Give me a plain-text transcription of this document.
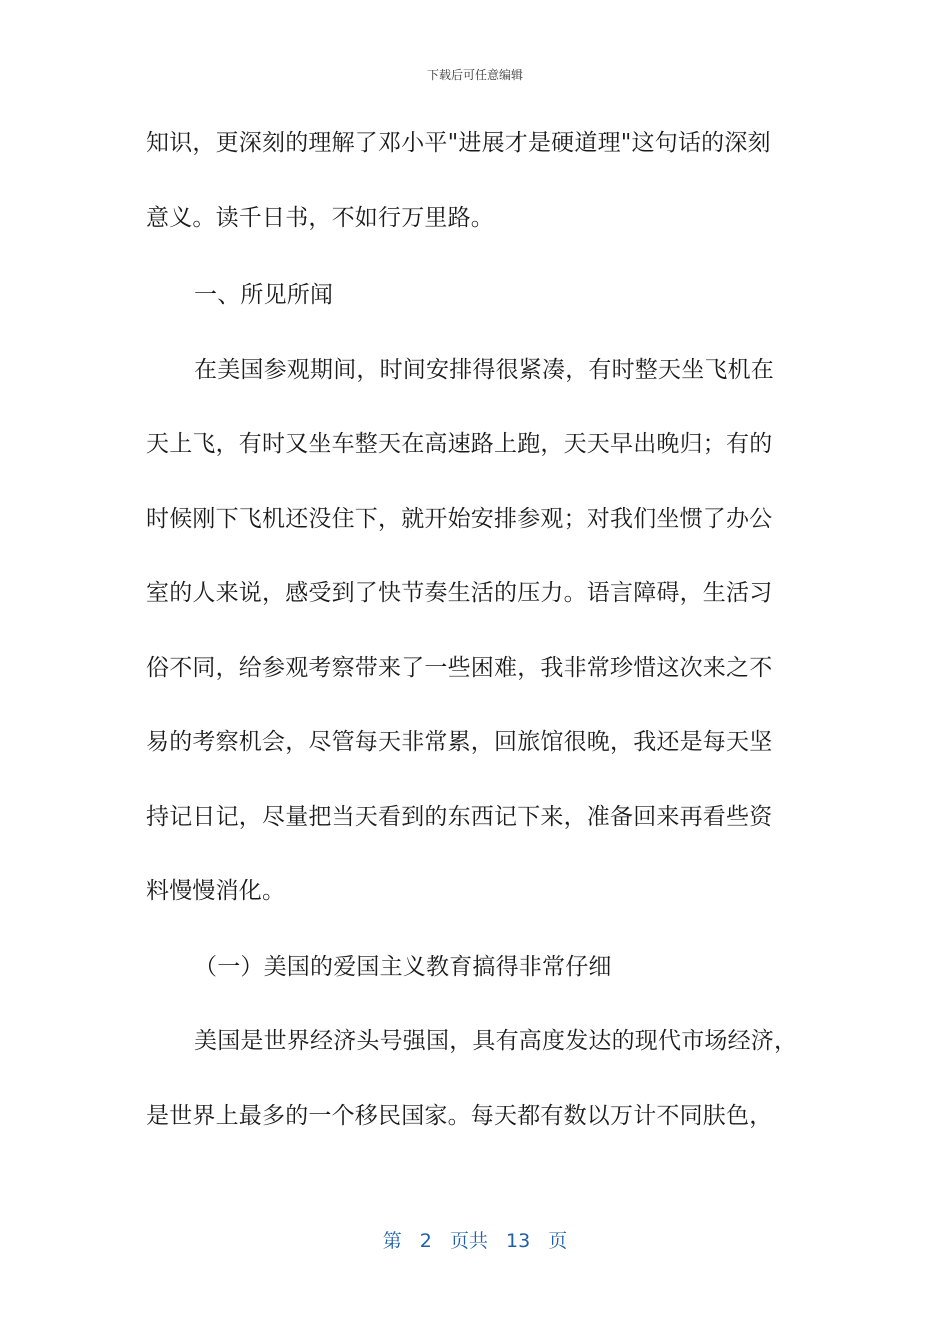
下载后可任意编辑
知识，更深刻的理解了邓小平"进展才是硬道理"这句话的深刻
意义。读千日书，不如行万里路。
一、所见所闻
在美国参观期间，时间安排得很紧凑，有时整天坐飞机在
天上飞，有时又坐车整天在高速路上跑，天天早出晚归；有的
时候刚下飞机还没住下，就开始安排参观；对我们坐惯了办公
室的人来说，感受到了快节奏生活的压力。语言障碍，生活习
俗不同，给参观考察带来了一些困难，我非常珍惜这次来之不
易的考察机会，尽管每天非常累，回旅馆很晚，我还是每天坚
持记日记，尽量把当天看到的东西记下来，准备回来再看些资
料慢慢消化。
（一）美国的爱国主义教育搞得非常仔细
美国是世界经济头号强国，具有高度发达的现代市场经济，
是世界上最多的一个移民国家。每天都有数以万计不同肤色，
第 2 页共 13 页
